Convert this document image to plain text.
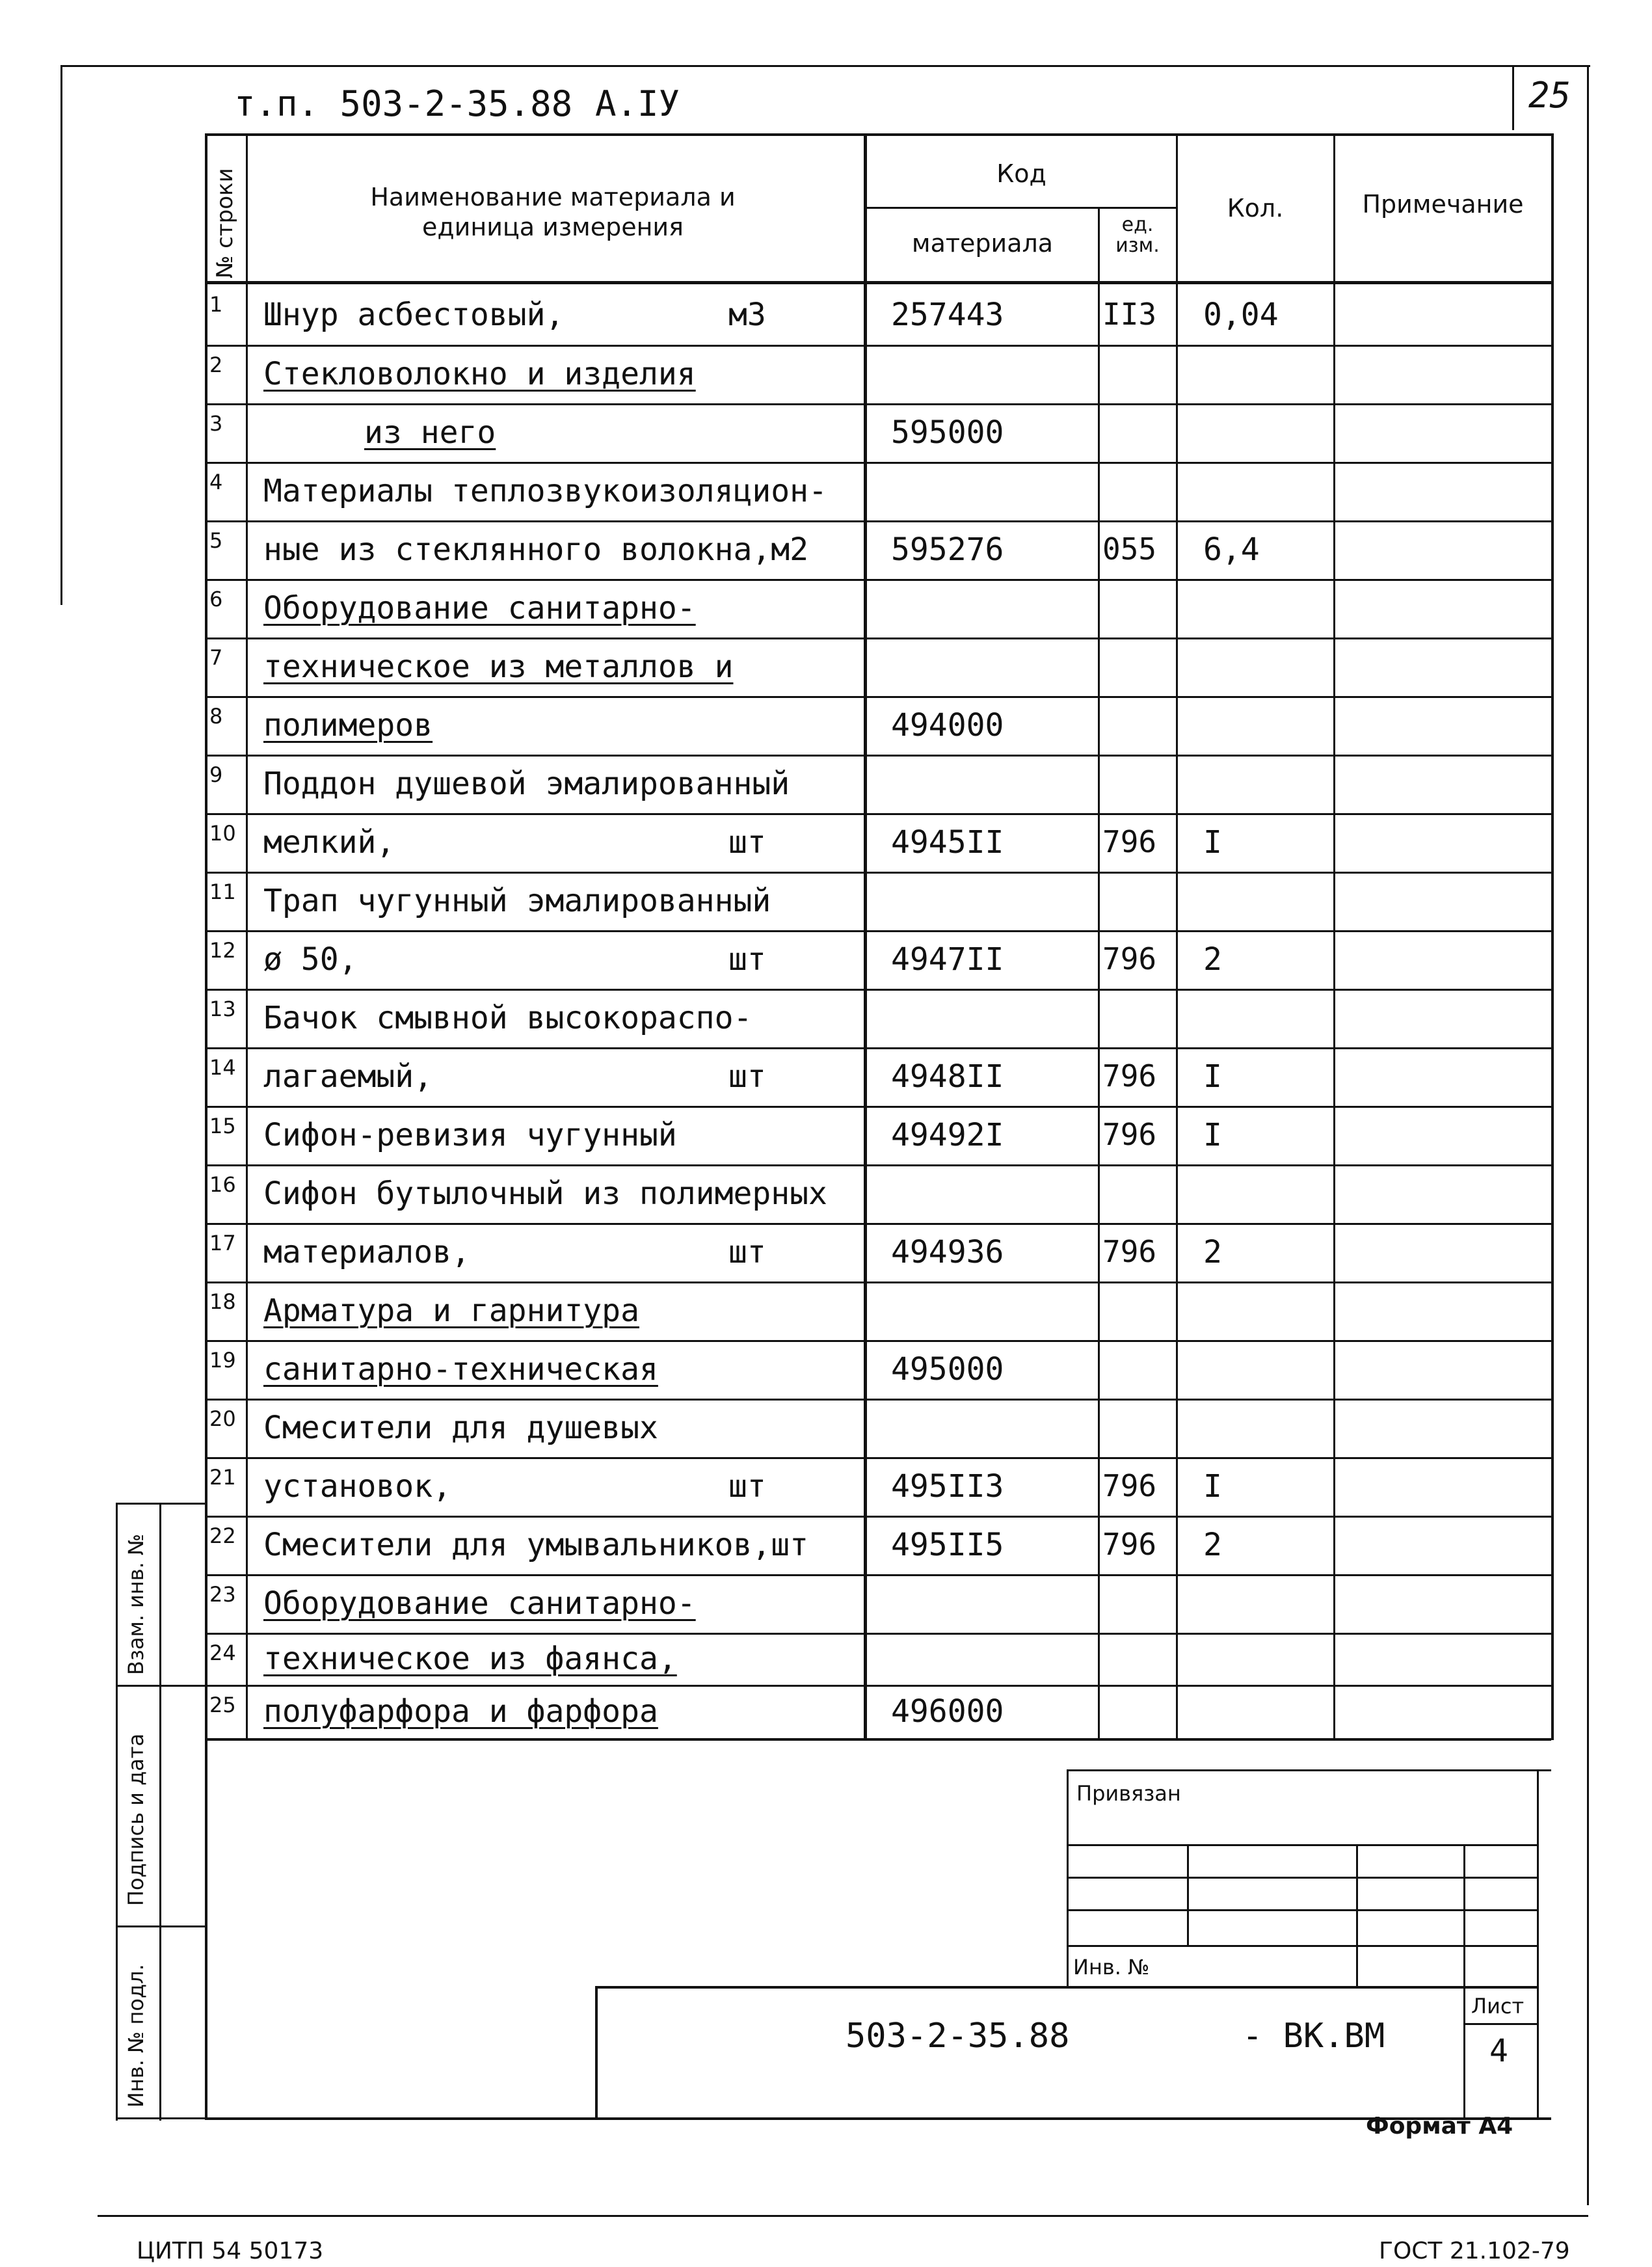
т.п. 503-2-35.88 А.IУ	25
№ строки	Наименование материала и
единица измерения
Код
материала
ед.
изм.
Кол.	Примечание
1 Шнур асбестовый,	м3	257443	II3 0,04
2 Стекловолокно и изделия
3	из него	595000
4 Материалы теплозвукоизоляцион-
5 ные из стеклянного волокна,м2	595276	055 6,4
6 Оборудование санитарно-
7 техническое из металлов и
8 полимеров	494000
9 Поддон душевой эмалированный
10 мелкий,	шт	4945II	796 I
11 Трап чугунный эмалированный
12 ø 50,	шт	4947II	796 2
13 Бачок смывной высокораспо-
14 лагаемый,	шт	4948II	796 I
15 Сифон-ревизия чугунный	49492I	796 I
16 Сифон бутылочный из полимерных
17 материалов,	шт	494936	796 2
18 Арматура и гарнитура
19 санитарно-техническая	495000
20 Смесители для душевых
21 установок,	шт	495II3	796 I
22 Смесители для умывальников,шт	495II5	796 2
23 Оборудование санитарно-
24 техническое из фаянса,
25 полуфарфора и фарфора	496000
Взам. инв. №
Подпись и дата
Инв. № подл.
Привязан
Инв. №
503-2-35.88	- ВК.ВМ
Лист
4
Формат А4
ЦИТП 54 50173	ГОСТ 21.102-79
